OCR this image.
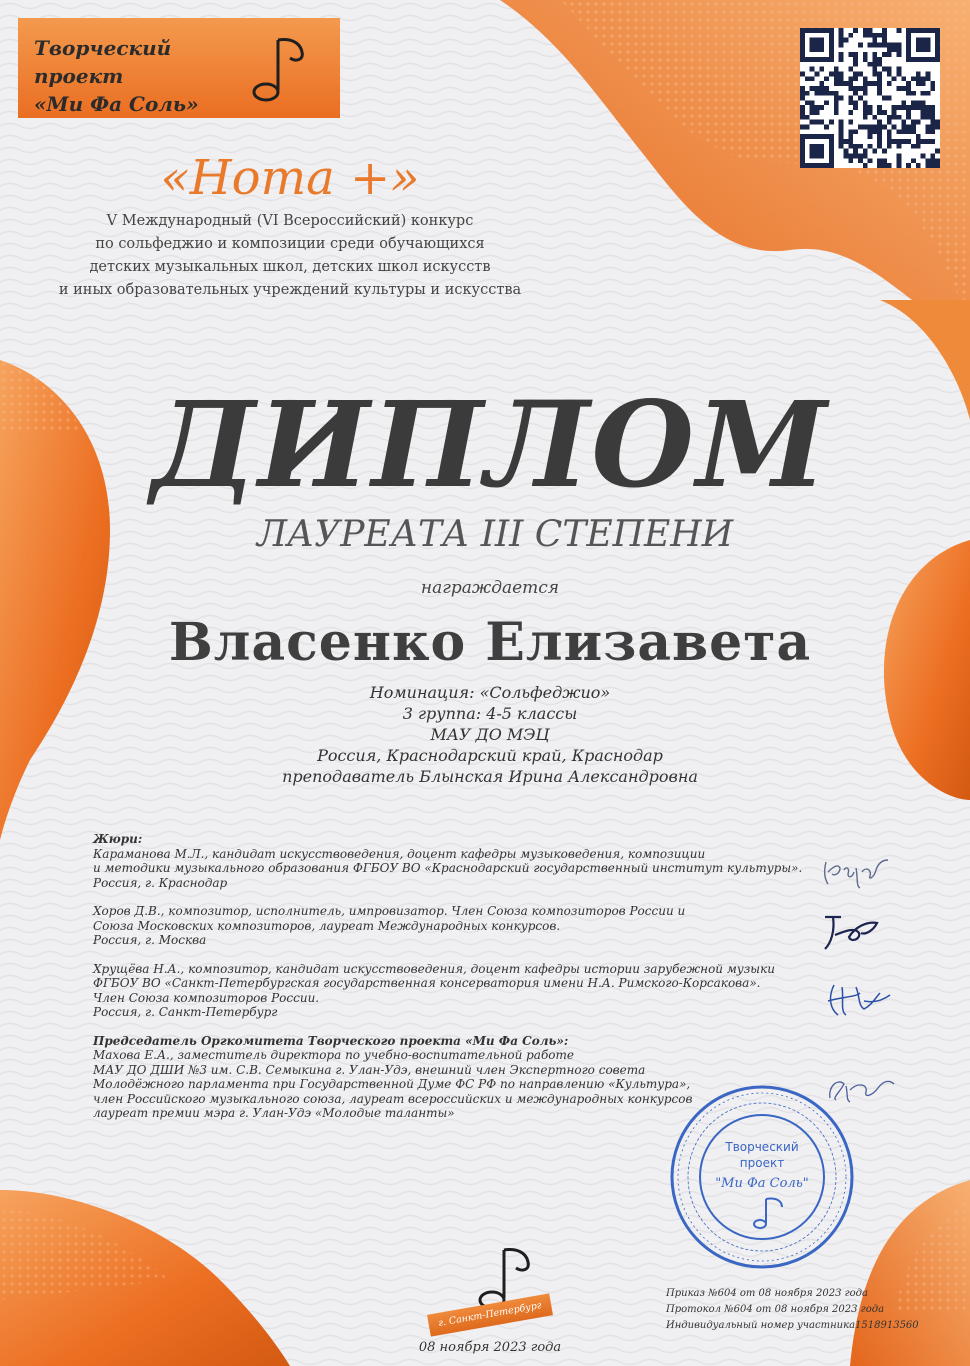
Творческий проект
«Ми Фа Соль»
«Нота +»
V Международный (VI Всероссийский) конкурс
по сольфеджио и композиции среди обучающихся
детских музыкальных школ, детских школ искусств
и иных образовательных учреждений культуры и искусства
ДИПЛОМ
ЛАУРЕАТА III СТЕПЕНИ
награждается
Власенко Елизавета
Номинация: «Сольфеджио»
3 группа: 4-5 классы
МАУ ДО МЭЦ
Россия, Краснодарский край, Краснодар
преподаватель Блынская Ирина Александровна
Жюри:
Караманова М.Л., кандидат искусствоведения, доцент кафедры музыковедения, композиции
и методики музыкального образования ФГБОУ ВО «Краснодарский государственный институт культуры».
Россия, г. Краснодар
Хоров Д.В., композитор, исполнитель, импровизатор. Член Союза композиторов России и
Союза Московских композиторов, лауреат Международных конкурсов.
Россия, г. Москва
Хрущёва Н.А., композитор, кандидат искусствоведения, доцент кафедры истории зарубежной музыки
ФГБОУ ВО «Санкт-Петербургская государственная консерватория имени Н.А. Римского-Корсакова».
Член Союза композиторов России.
Россия, г. Санкт-Петербург
Председатель Оргкомитета Творческого проекта «Ми Фа Соль»:
Махова Е.А., заместитель директора по учебно-воспитательной работе
МАУ ДО ДШИ №3 им. С.В. Семыкина г. Улан-Удэ, внешний член Экспертного совета
Молодёжного парламента при Государственной Думе ФС РФ по направлению «Культура»,
член Российского музыкального союза, лауреат всероссийских и международных конкурсов
лауреат премии мэра г. Улан-Удэ «Молодые таланты»
Творческий
проект
"Ми Фа Соль"
г. Санкт-Петербург
08 ноября 2023 года
Приказ №604 от 08 ноября 2023 года
Протокол №604 от 08 ноября 2023 года
Индивидуальный номер участника1518913560
